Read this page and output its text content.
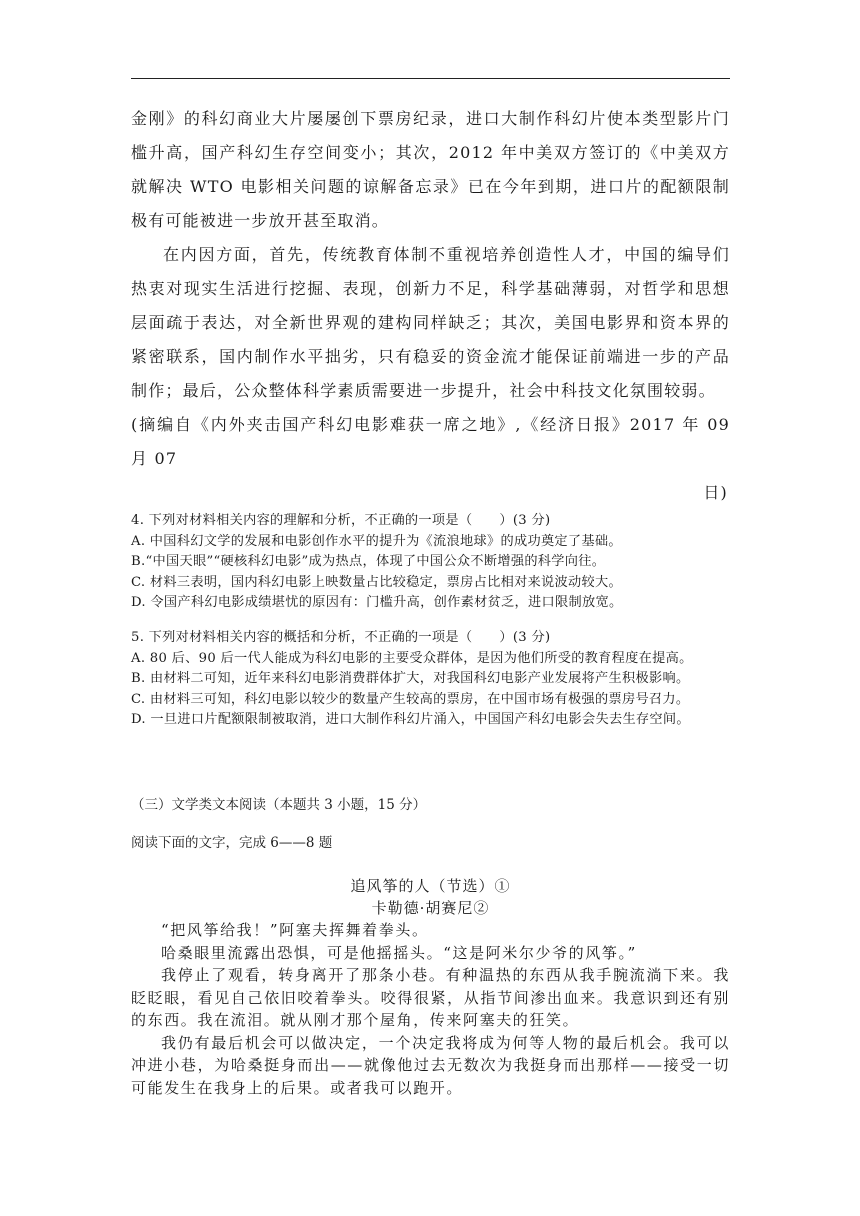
金刚》的科幻商业大片屡屡创下票房纪录，进口大制作科幻片使本类型影片门槛升高，国产科幻生存空间变小；其次，2012 年中美双方签订的《中美双方就解决 WTO 电影相关问题的谅解备忘录》已在今年到期，进口片的配额限制极有可能被进一步放开甚至取消。

在内因方面，首先，传统教育体制不重视培养创造性人才，中国的编导们热衷对现实生活进行挖掘、表现，创新力不足，科学基础薄弱，对哲学和思想层面疏于表达，对全新世界观的建构同样缺乏；其次，美国电影界和资本界的紧密联系，国内制作水平拙劣，只有稳妥的资金流才能保证前端进一步的产品制作；最后，公众整体科学素质需要进一步提升，社会中科技文化氛围较弱。

(摘编自《内外夹击国产科幻电影难获一席之地》,《经济日报》2017 年 09 月 07

日)

4. 下列对材料相关内容的理解和分析，不正确的一项是（　　）(3 分)
A. 中国科幻文学的发展和电影创作水平的提升为《流浪地球》的成功奠定了基础。
B.“中国天眼”“硬核科幻电影”成为热点，体现了中国公众不断增强的科学向往。
C. 材料三表明，国内科幻电影上映数量占比较稳定，票房占比相对来说波动较大。
D. 令国产科幻电影成绩堪忧的原因有：门槛升高，创作素材贫乏，进口限制放宽。
5. 下列对材料相关内容的概括和分析，不正确的一项是（　　）(3 分)
A. 80 后、90 后一代人能成为科幻电影的主要受众群体，是因为他们所受的教育程度在提高。
B. 由材料二可知，近年来科幻电影消费群体扩大，对我国科幻电影产业发展将产生积极影响。
C. 由材料三可知，科幻电影以较少的数量产生较高的票房，在中国市场有极强的票房号召力。
D. 一旦进口片配额限制被取消，进口大制作科幻片涌入，中国国产科幻电影会失去生存空间。
（三）文学类文本阅读（本题共 3 小题，15 分）
阅读下面的文字，完成 6——8 题
追风筝的人（节选）①
卡勒德·胡赛尼②

“把风筝给我！”阿塞夫挥舞着拳头。

哈桑眼里流露出恐惧，可是他摇摇头。“这是阿米尔少爷的风筝。”

我停止了观看，转身离开了那条小巷。有种温热的东西从我手腕流淌下来。我眨眨眼，看见自己依旧咬着拳头。咬得很紧，从指节间渗出血来。我意识到还有别的东西。我在流泪。就从刚才那个屋角，传来阿塞夫的狂笑。

我仍有最后机会可以做决定，一个决定我将成为何等人物的最后机会。我可以冲进小巷，为哈桑挺身而出——就像他过去无数次为我挺身而出那样——接受一切可能发生在我身上的后果。或者我可以跑开。
